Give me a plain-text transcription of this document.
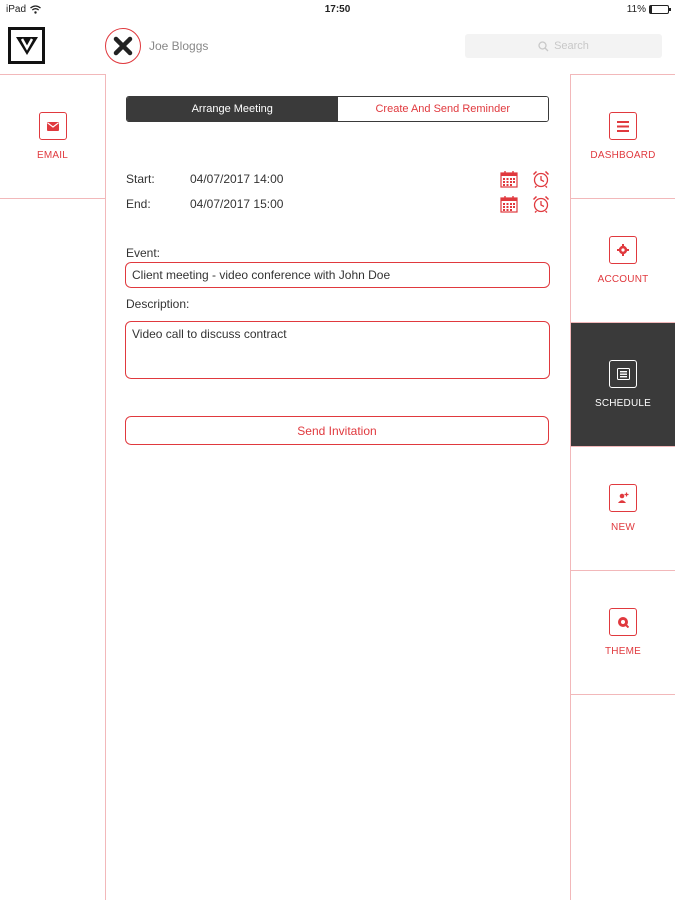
iPad	17:50	11%
Joe Bloggs	Search
EMAIL	DASHBOARD
ACCOUNT
SCHEDULE
NEW
THEME
Arrange Meeting	Create And Send Reminder
Start:	04/07/2017 14:00
End:	04/07/2017 15:00
Event:
Client meeting - video conference with John Doe
Description:
Video call to discuss contract
Send Invitation
